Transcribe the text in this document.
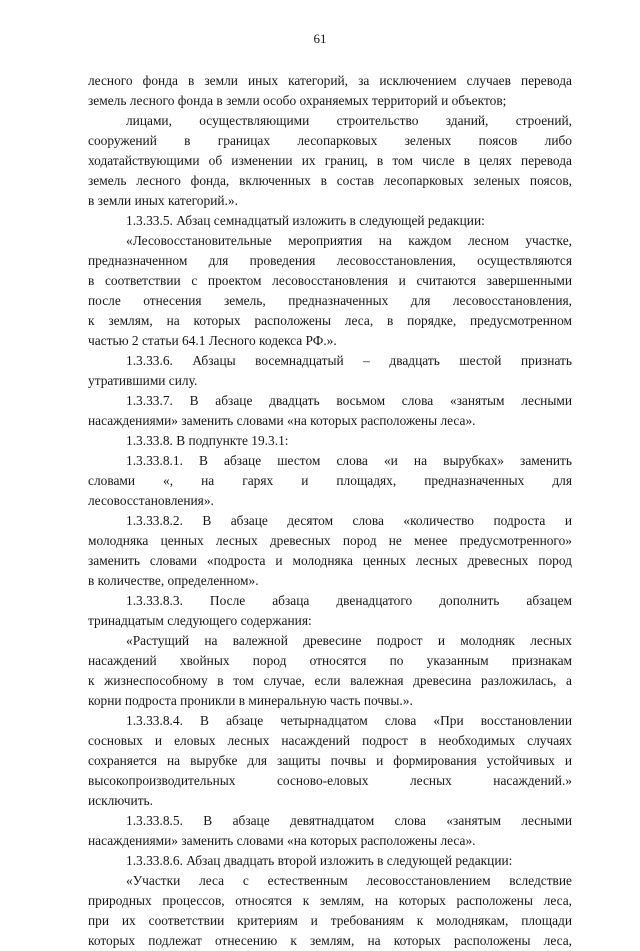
61
лесного фонда в земли иных категорий, за исключением случаев перевода
земель лесного фонда в земли особо охраняемых территорий и объектов;
лицами, осуществляющими строительство зданий, строений,
сооружений в границах лесопарковых зеленых поясов либо
ходатайствующими об изменении их границ, в том числе в целях перевода
земель лесного фонда, включенных в состав лесопарковых зеленых поясов,
в земли иных категорий.».
1.3.33.5. Абзац семнадцатый изложить в следующей редакции:
«Лесовосстановительные мероприятия на каждом лесном участке,
предназначенном для проведения лесовосстановления, осуществляются
в соответствии с проектом лесовосстановления и считаются завершенными
после отнесения земель, предназначенных для лесовосстановления,
к землям, на которых расположены леса, в порядке, предусмотренном
частью 2 статьи 64.1 Лесного кодекса РФ.».
1.3.33.6. Абзацы восемнадцатый – двадцать шестой признать
утратившими силу.
1.3.33.7. В абзаце двадцать восьмом слова «занятым лесными
насаждениями» заменить словами «на которых расположены леса».
1.3.33.8. В подпункте 19.3.1:
1.3.33.8.1. В абзаце шестом слова «и на вырубках» заменить
словами «, на гарях и площадях, предназначенных для
лесовосстановления».
1.3.33.8.2. В абзаце десятом слова «количество подроста и
молодняка ценных лесных древесных пород не менее предусмотренного»
заменить словами «подроста и молодняка ценных лесных древесных пород
в количестве, определенном».
1.3.33.8.3. После абзаца двенадцатого дополнить абзацем
тринадцатым следующего содержания:
«Растущий на валежной древесине подрост и молодняк лесных
насаждений хвойных пород относятся по указанным признакам
к жизнеспособному в том случае, если валежная древесина разложилась, а
корни подроста проникли в минеральную часть почвы.».
1.3.33.8.4. В абзаце четырнадцатом слова «При восстановлении
сосновых и еловых лесных насаждений подрост в необходимых случаях
сохраняется на вырубке для защиты почвы и формирования устойчивых и
высокопроизводительных сосново-еловых лесных насаждений.»
исключить.
1.3.33.8.5. В абзаце девятнадцатом слова «занятым лесными
насаждениями» заменить словами «на которых расположены леса».
1.3.33.8.6. Абзац двадцать второй изложить в следующей редакции:
«Участки леса с естественным лесовосстановлением вследствие
природных процессов, относятся к землям, на которых расположены леса,
при их соответствии критериям и требованиям к молоднякам, площади
которых подлежат отнесению к землям, на которых расположены леса,
